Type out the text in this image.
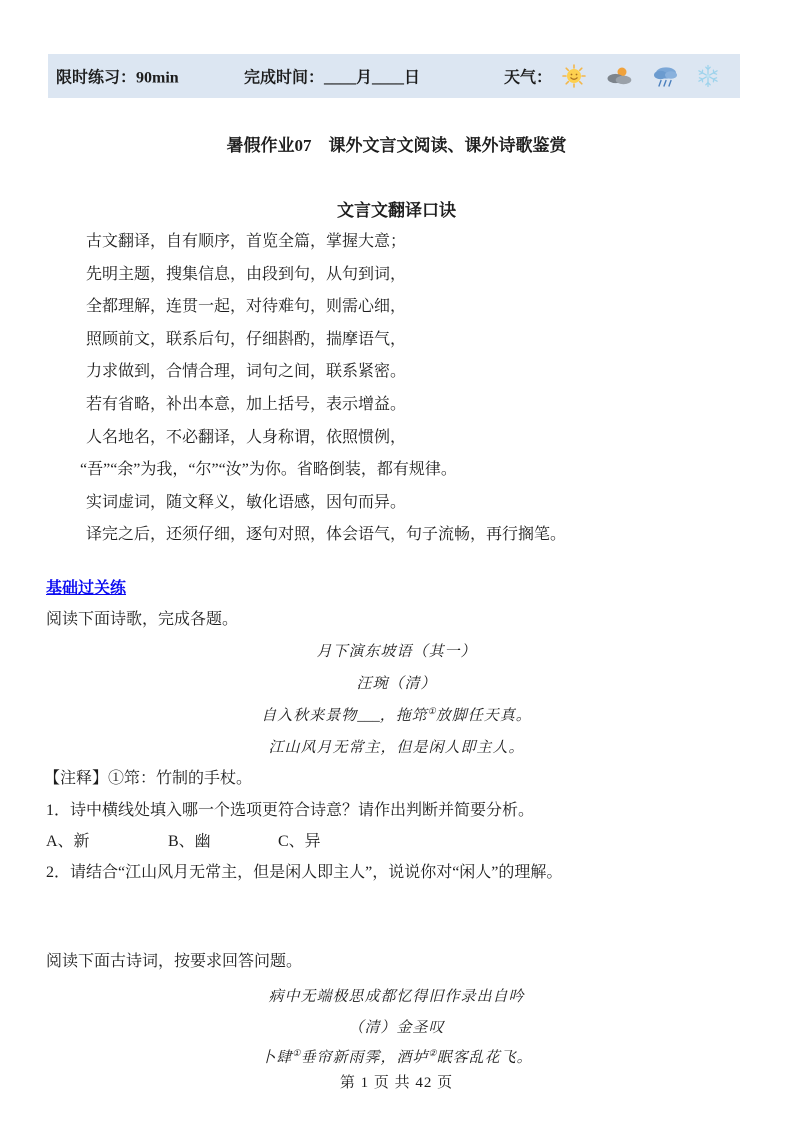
限时练习：90min	完成时间：____月____日	天气：
暑假作业07　课外文言文阅读、课外诗歌鉴赏
文言文翻译口诀
古文翻译，自有顺序，首览全篇，掌握大意；
先明主题，搜集信息，由段到句，从句到词，
全都理解，连贯一起，对待难句，则需心细，
照顾前文，联系后句，仔细斟酌，揣摩语气，
力求做到，合情合理，词句之间，联系紧密。
若有省略，补出本意，加上括号，表示增益。
人名地名，不必翻译，人身称谓，依照惯例，
“吾”“余”为我，“尔”“汝”为你。省略倒装，都有规律。
实词虚词，随文释义，敏化语感，因句而异。
译完之后，还须仔细，逐句对照，体会语气，句子流畅，再行搁笔。
基础过关练
阅读下面诗歌，完成各题。
月下演东坡语（其一）
汪琬（清）
自入秋来景物___，拖筇①放脚任天真。
江山风月无常主，但是闲人即主人。
【注释】①筇：竹制的手杖。
1．诗中横线处填入哪一个选项更符合诗意？请作出判断并简要分析。
A、新	B、幽	C、异
2．请结合“江山风月无常主，但是闲人即主人”，说说你对“闲人”的理解。
阅读下面古诗词，按要求回答问题。
病中无端极思成都忆得旧作录出自吟
（清）金圣叹
卜肆①垂帘新雨霁，酒垆②眠客乱花飞。
第 1 页 共 42 页
